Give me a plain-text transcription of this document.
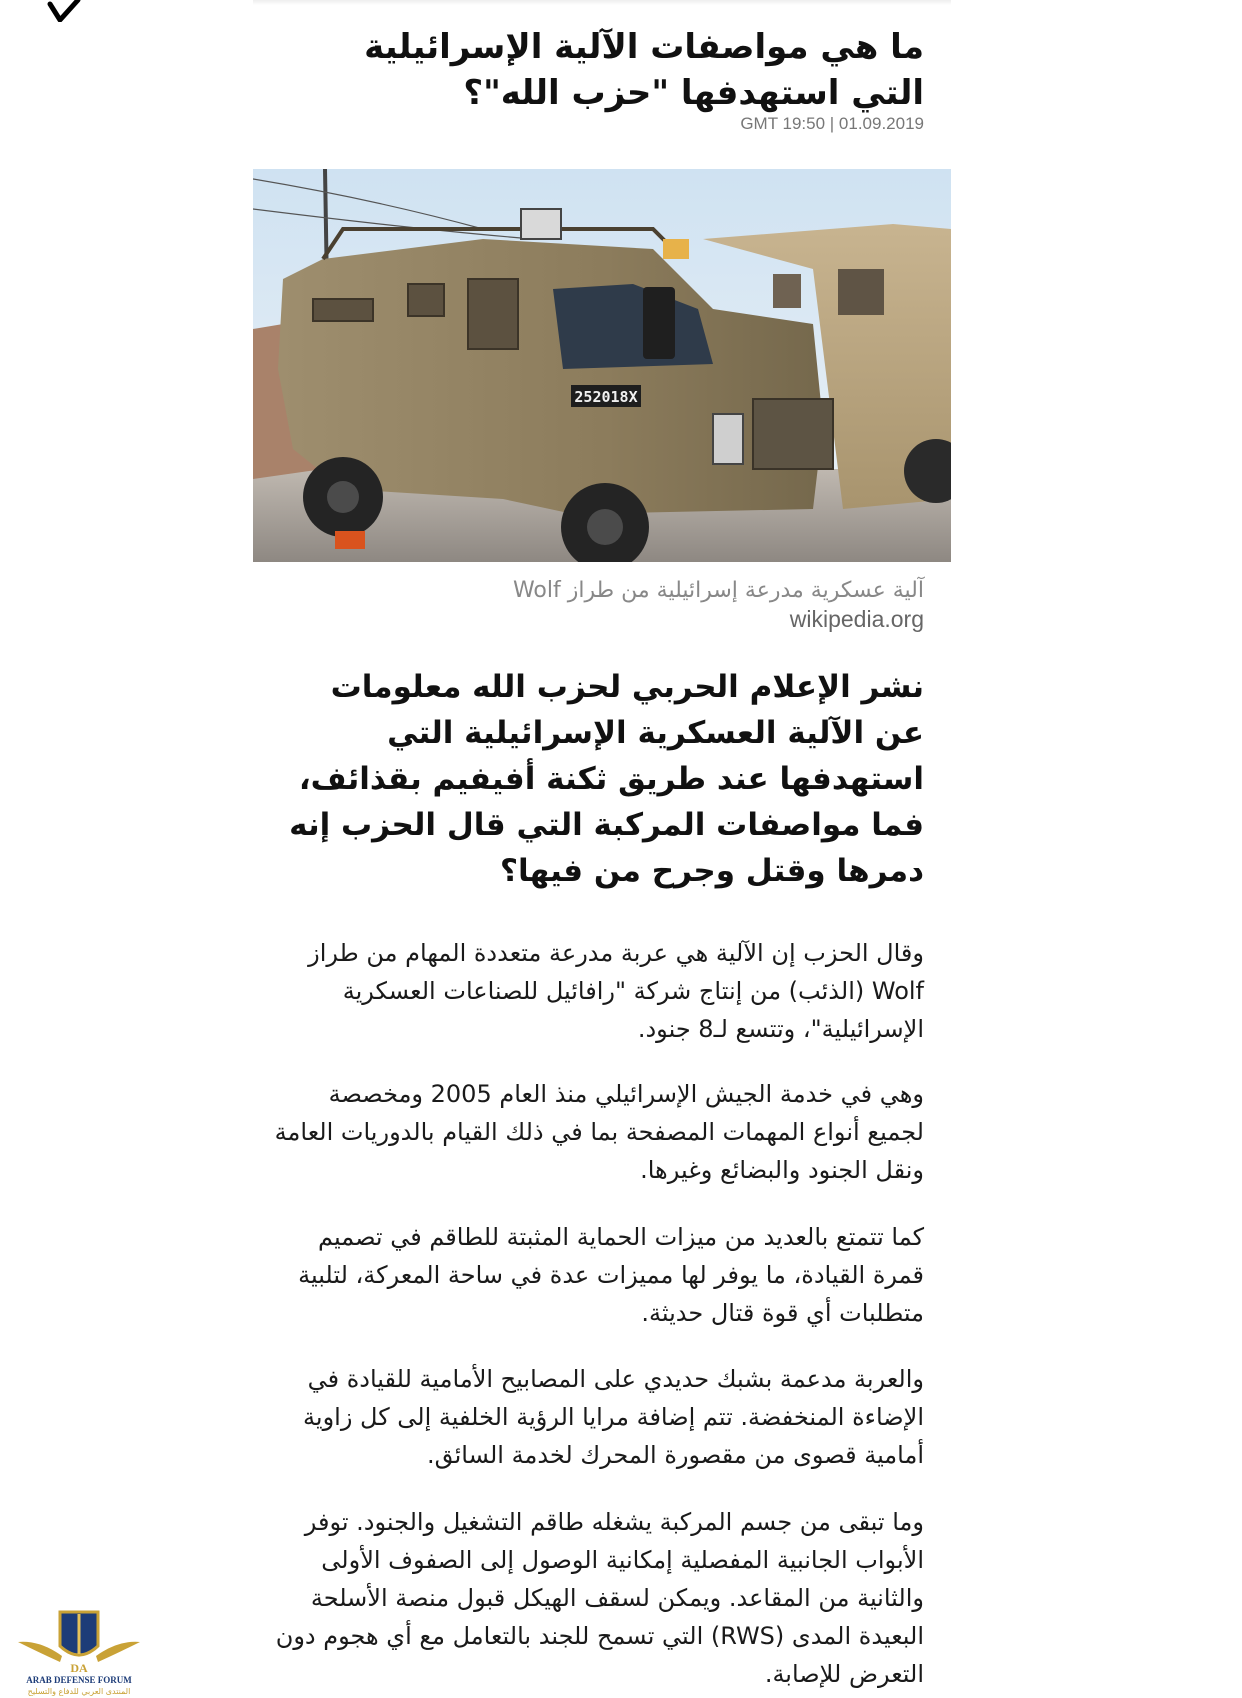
ما هي مواصفات الآلية الإسرائيلية التي استهدفها "حزب الله"؟

GMT 19:50 | 01.09.2019

252018X

آلية عسكرية مدرعة إسرائيلية من طراز Wolf

wikipedia.org

نشر الإعلام الحربي لحزب الله معلومات عن الآلية العسكرية الإسرائيلية التي استهدفها عند طريق ثكنة أفيفيم بقذائف، فما مواصفات المركبة التي قال الحزب إنه دمرها وقتل وجرح من فيها؟

وقال الحزب إن الآلية هي عربة مدرعة متعددة المهام من طراز Wolf (الذئب) من إنتاج شركة "رافائيل للصناعات العسكرية الإسرائيلية"، وتتسع لـ8 جنود.

وهي في خدمة الجيش الإسرائيلي منذ العام 2005 ومخصصة لجميع أنواع المهمات المصفحة بما في ذلك القيام بالدوريات العامة ونقل الجنود والبضائع وغيرها.

كما تتمتع بالعديد من ميزات الحماية المثبتة للطاقم في تصميم قمرة القيادة، ما يوفر لها مميزات عدة في ساحة المعركة، لتلبية متطلبات أي قوة قتال حديثة.

والعربة مدعمة بشبك حديدي على المصابيح الأمامية للقيادة في الإضاءة المنخفضة. تتم إضافة مرايا الرؤية الخلفية إلى كل زاوية أمامية قصوى من مقصورة المحرك لخدمة السائق.

وما تبقى من جسم المركبة يشغله طاقم التشغيل والجنود. توفر الأبواب الجانبية المفصلية إمكانية الوصول إلى الصفوف الأولى والثانية من المقاعد. ويمكن لسقف الهيكل قبول منصة الأسلحة البعيدة المدى (RWS) التي تسمح للجند بالتعامل مع أي هجوم دون التعرض للإصابة.

DA
ARAB DEFENSE FORUM
المنتدى العربي للدفاع والتسليح
